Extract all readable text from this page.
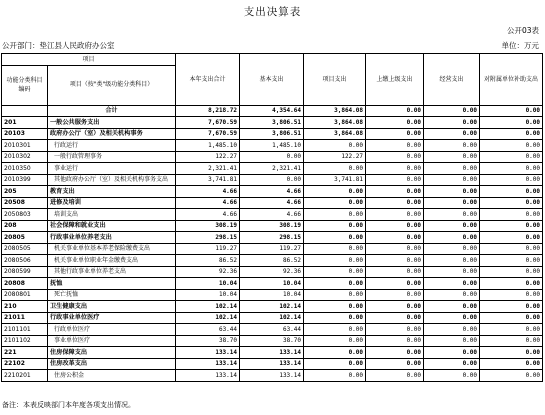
支出决算表
公开03表
公开部门：垫江县人民政府办公室	单位：万元
项目		本年支出合计	基本支出	项目支出	上缴上级支出	经营支出	对附属单位补助支出
功能分类科目编码	项目（按"类"级功能分类科目）						
	合计	8,218.72	4,354.64	3,864.08	0.00	0.00	0.00
201	一般公共服务支出	7,670.59	3,806.51	3,864.08	0.00	0.00	0.00
20103	政府办公厅（室）及相关机构事务	7,670.59	3,806.51	3,864.08	0.00	0.00	0.00
2010301	行政运行	1,485.10	1,485.10	0.00	0.00	0.00	0.00
2010302	一般行政管理事务	122.27	0.00	122.27	0.00	0.00	0.00
2010350	事业运行	2,321.41	2,321.41	0.00	0.00	0.00	0.00
2010399	其他政府办公厅（室）及相关机构事务支出	3,741.81	0.00	3,741.81	0.00	0.00	0.00
205	教育支出	4.66	4.66	0.00	0.00	0.00	0.00
20508	进修及培训	4.66	4.66	0.00	0.00	0.00	0.00
2050803	培训支出	4.66	4.66	0.00	0.00	0.00	0.00
208	社会保障和就业支出	308.19	308.19	0.00	0.00	0.00	0.00
20805	行政事业单位养老支出	298.15	298.15	0.00	0.00	0.00	0.00
2080505	机关事业单位基本养老保险缴费支出	119.27	119.27	0.00	0.00	0.00	0.00
2080506	机关事业单位职业年金缴费支出	86.52	86.52	0.00	0.00	0.00	0.00
2080599	其他行政事业单位养老支出	92.36	92.36	0.00	0.00	0.00	0.00
20808	抚恤	10.04	10.04	0.00	0.00	0.00	0.00
2080801	死亡抚恤	10.04	10.04	0.00	0.00	0.00	0.00
210	卫生健康支出	102.14	102.14	0.00	0.00	0.00	0.00
21011	行政事业单位医疗	102.14	102.14	0.00	0.00	0.00	0.00
2101101	行政单位医疗	63.44	63.44	0.00	0.00	0.00	0.00
2101102	事业单位医疗	38.70	38.70	0.00	0.00	0.00	0.00
221	住房保障支出	133.14	133.14	0.00	0.00	0.00	0.00
22102	住房改革支出	133.14	133.14	0.00	0.00	0.00	0.00
2210201	住房公积金	133.14	133.14	0.00	0.00	0.00	0.00
备注：本表反映部门本年度各项支出情况。
